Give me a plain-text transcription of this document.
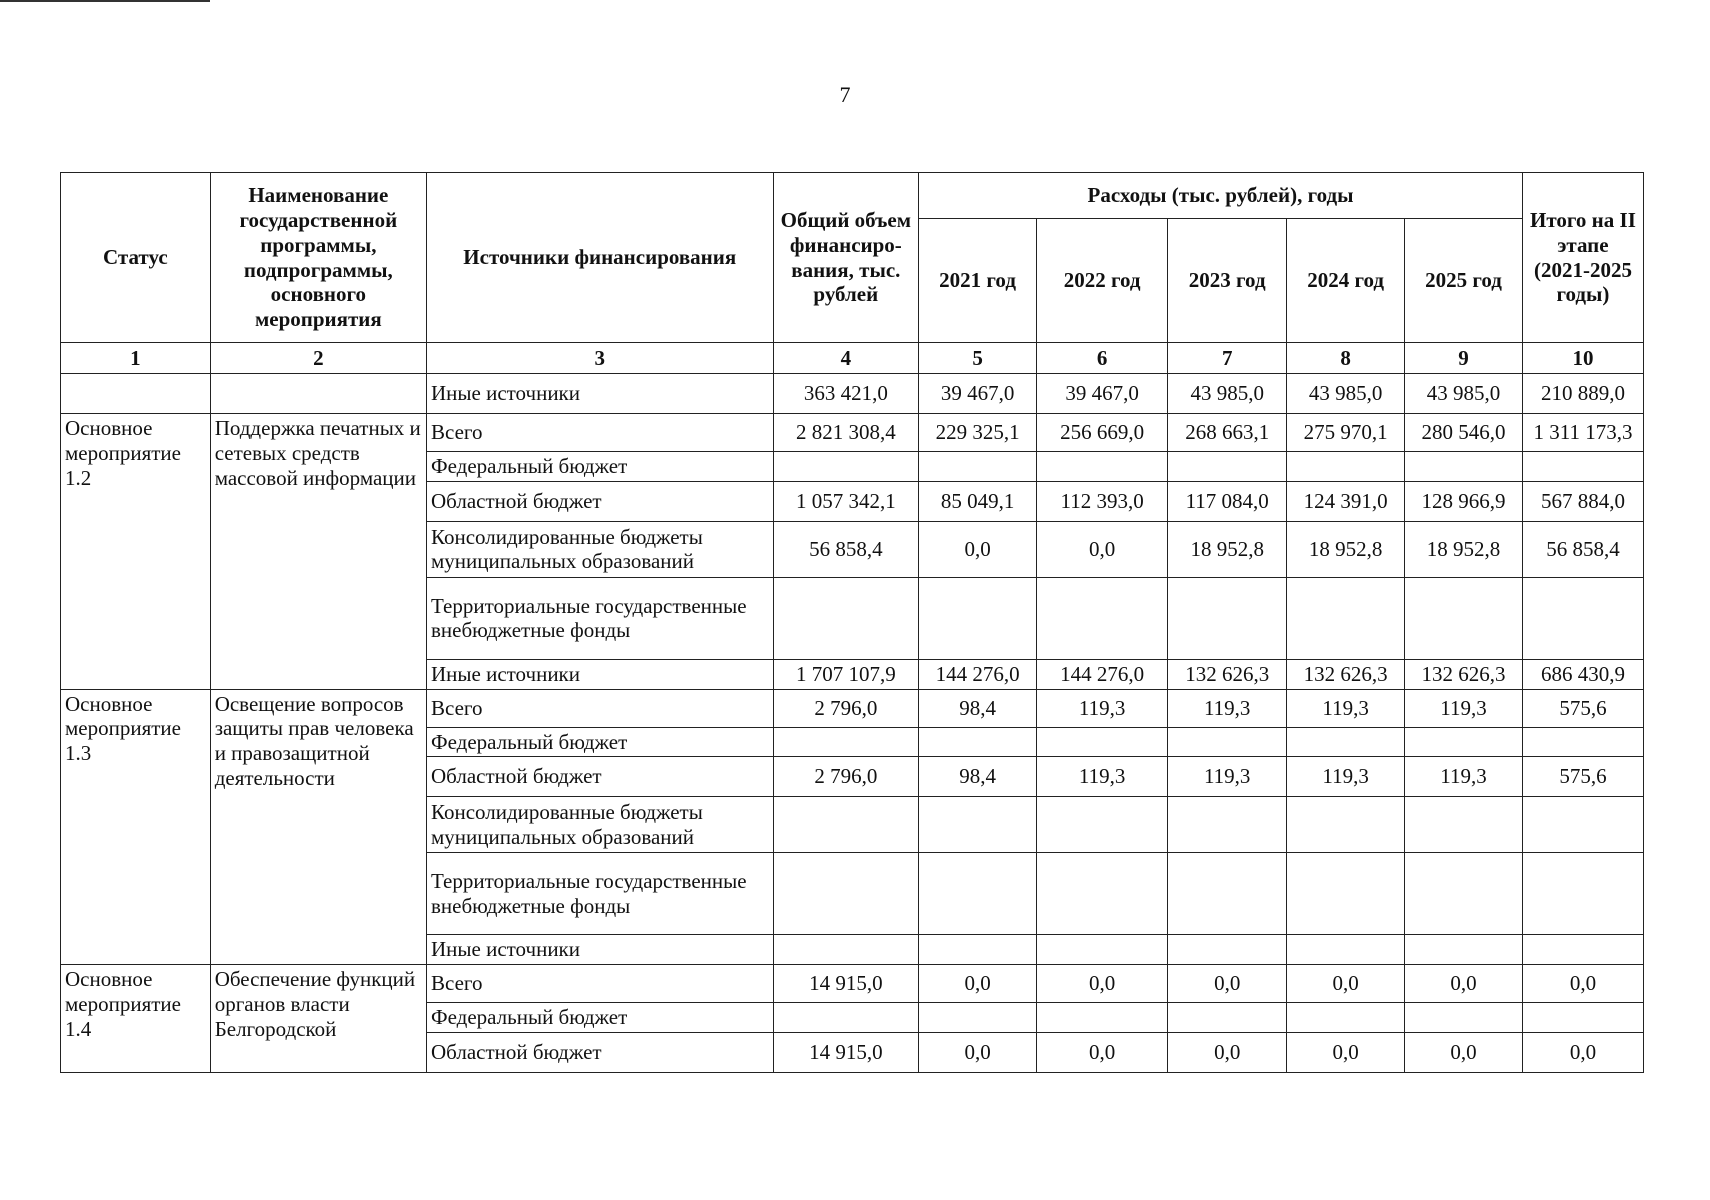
7
Статус	Наименование государственной программы, подпрограммы, основного мероприятия	Источники финансирования	Общий объем финансиро-вания, тыс. рублей	Расходы (тыс. рублей), годы					Итого на II этапе (2021-2025 годы)
				2021 год	2022 год	2023 год	2024 год	2025 год	
1	2	3	4	5	6	7	8	9	10
		Иные источники	363 421,0	39 467,0	39 467,0	43 985,0	43 985,0	43 985,0	210 889,0
Основное мероприятие 1.2	Поддержка печатных и сетевых средств массовой информации	Всего	2 821 308,4	229 325,1	256 669,0	268 663,1	275 970,1	280 546,0	1 311 173,3
		Федеральный бюджет							
		Областной бюджет	1 057 342,1	85 049,1	112 393,0	117 084,0	124 391,0	128 966,9	567 884,0
		Консолидированные бюджеты муниципальных образований	56 858,4	0,0	0,0	18 952,8	18 952,8	18 952,8	56 858,4
		Территориальные государственные внебюджетные фонды							
		Иные источники	1 707 107,9	144 276,0	144 276,0	132 626,3	132 626,3	132 626,3	686 430,9
Основное мероприятие 1.3	Освещение вопросов защиты прав человека и правозащитной деятельности	Всего	2 796,0	98,4	119,3	119,3	119,3	119,3	575,6
		Федеральный бюджет							
		Областной бюджет	2 796,0	98,4	119,3	119,3	119,3	119,3	575,6
		Консолидированные бюджеты муниципальных образований							
		Территориальные государственные внебюджетные фонды							
		Иные источники							
Основное мероприятие 1.4	Обеспечение функций органов власти Белгородской	Всего	14 915,0	0,0	0,0	0,0	0,0	0,0	0,0
		Федеральный бюджет							
		Областной бюджет	14 915,0	0,0	0,0	0,0	0,0	0,0	0,0
